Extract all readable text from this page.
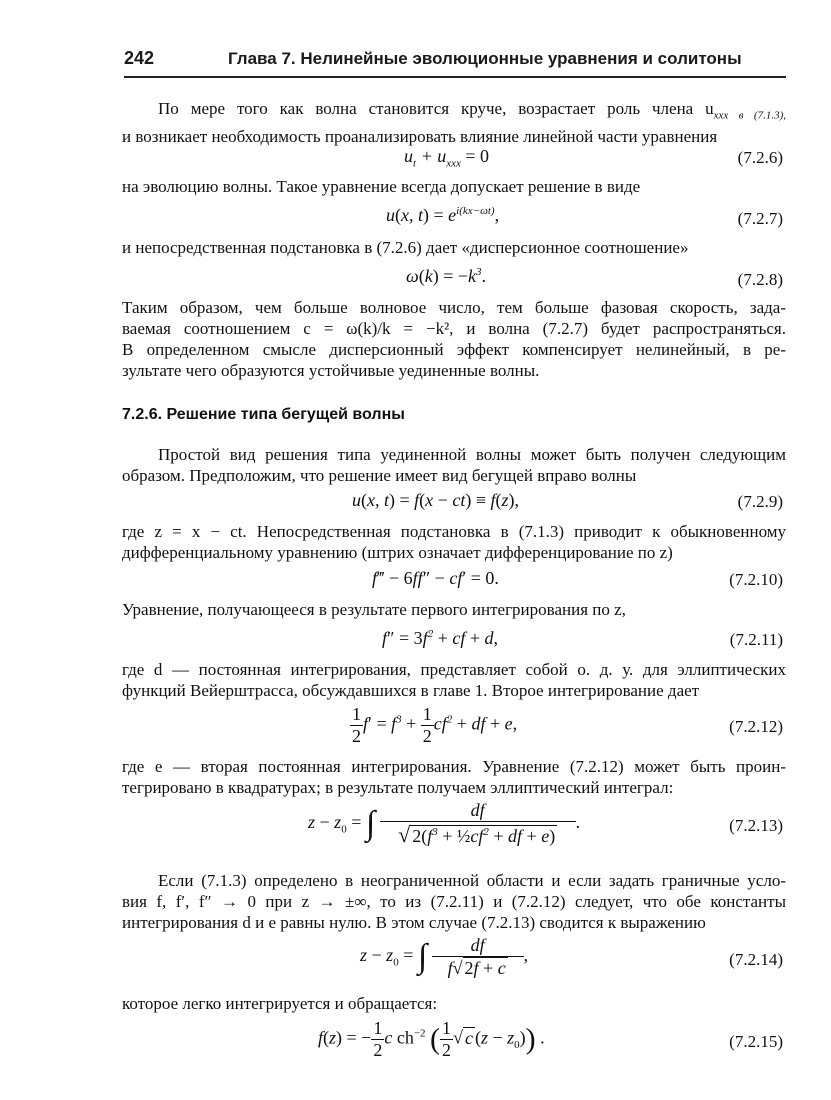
242	Глава 7. Нелинейные эволюционные уравнения и солитоны
По мере того как волна становится круче, возрастает роль члена $u_{xxx в (7.1.3),}$
и возникает необходимость проанализировать влияние линейной части уравнения
$u_t + u_{xxx} = 0$	(7.2.6)
на эволюцию волны. Такое уравнение всегда допускает решение в виде
u(x, $t) = e^{i(kx-\omega t)}$,	(7.2.7)
и непосредственная подстановка в (7.2.6) дает «дисперсионное соотношение»
$\omega(k) = -k^3$.	(7.2.8)
Таким образом, чем больше волновое число, тем больше фазовая скорость, зада-
ваемая соотношением c = ω(k)/k = −k², и волна (7.2.7) будет распространяться.
В определенном смысле дисперсионный эффект компенсирует нелинейный, в ре-
зультате чего образуются устойчивые уединенные волны.
7.2.6. Решение типа бегущей волны
Простой вид решения типа уединенной волны может быть получен следующим
образом. Предположим, что решение имеет вид бегущей вправо волны
u(x, t) = f(x − ct) ≡ f(z),	(7.2.9)
где z = x − ct. Непосредственная подстановка в (7.1.3) приводит к обыкновенному
дифференциальному уравнению (штрих означает дифференцирование по z)
f‴ − 6ff″ − cf′ = 0.	(7.2.10)
Уравнение, получающееся в результате первого интегрирования по z,
$f'' = 3f^2$ + cf + d,	(7.2.11)
где d — постоянная интегрирования, представляет собой о. д. у. для эллиптических
функций Вейерштрасса, обсуждавшихся в главе 1. Второе интегрирование дает
$\frac{1}{2} f' = f^3 + \frac{1}{2} cf^2$ + df + e,	(7.2.12)
где e — вторая постоянная интегрирования. Уравнение (7.2.12) может быть проин-
тегрировано в квадратурах; в результате получаем эллиптический интеграл:
$z - z_0$ = ∫ $\frac{df}{√ 2(f^3 + \frac{1}{2}cf^2 + df + e)}$ .	(7.2.13)
Если (7.1.3) определено в неограниченной области и если задать граничные усло-
вия f, f′, f″ → 0 при z → ±∞, то из (7.2.11) и (7.2.12) следует, что обе константы
интегрирования d и e равны нулю. В этом случае (7.2.13) сводится к выражению
$z - z_0$ = ∫ $\frac{df}{f√ 2f + c}$ ,	(7.2.14)
которое легко интегрируется и обращается:
f(z) = − $\frac{1}{2}$ c $ch^{-2}$ ( $\frac{1}{2}$ √ c $(z - z_0)$) .	(7.2.15)
